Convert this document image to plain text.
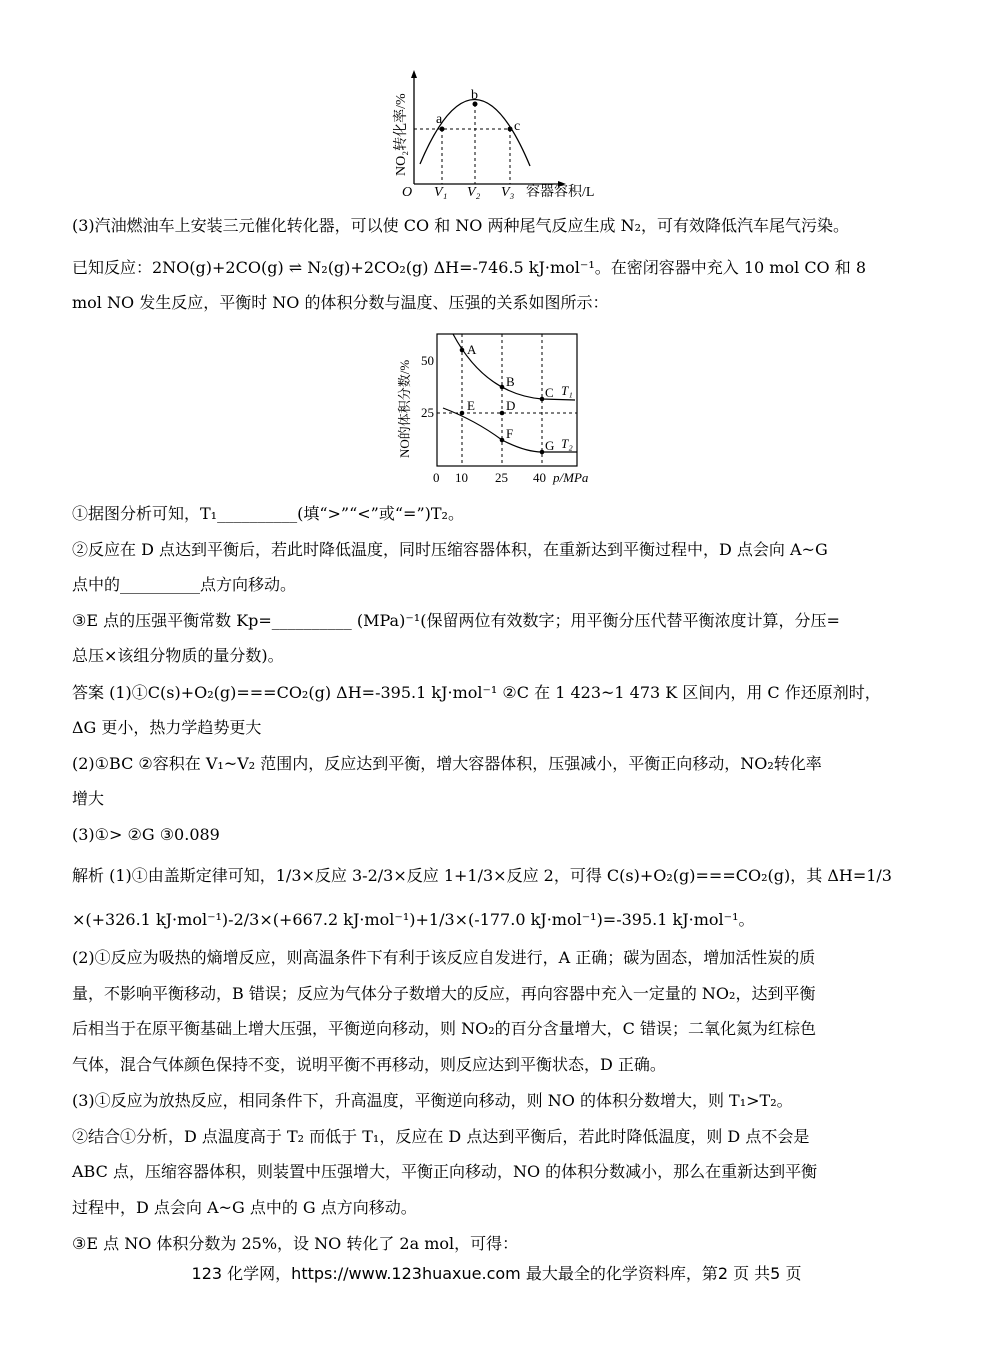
a
b
c
O V₁ V₂ V₃ 容器容积/L
NO₂转化率/%
(3)汽油燃油车上安装三元催化转化器，可以使 CO 和 NO 两种尾气反应生成 N₂，可有效降低汽车尾气污染。
已知反应：2NO(g)+2CO(g) ⇌ N₂(g)+2CO₂(g) ΔH=-746.5 kJ·mol⁻¹。在密闭容器中充入 10 mol CO 和 8
mol NO 发生反应，平衡时 NO 的体积分数与温度、压强的关系如图所示：
A
B
C
D
E
F
G
T₁
T₂
50
25
0 10 25 40 p/MPa
NO的体积分数/%
①据图分析可知，T₁__________(填“>”“<”或“=”)T₂。
②反应在 D 点达到平衡后，若此时降低温度，同时压缩容器体积，在重新达到平衡过程中，D 点会向 A~G
点中的__________点方向移动。
③E 点的压强平衡常数 Kp=__________ (MPa)⁻¹(保留两位有效数字；用平衡分压代替平衡浓度计算，分压=
总压×该组分物质的量分数)。
答案 (1)①C(s)+O₂(g)===CO₂(g) ΔH=-395.1 kJ·mol⁻¹ ②C 在 1 423~1 473 K 区间内，用 C 作还原剂时，
ΔG 更小，热力学趋势更大
(2)①BC ②容积在 V₁~V₂ 范围内，反应达到平衡，增大容器体积，压强减小，平衡正向移动，NO₂转化率
增大
(3)①> ②G ③0.089
解析 (1)①由盖斯定律可知，1/3×反应 3-2/3×反应 1+1/3×反应 2，可得 C(s)+O₂(g)===CO₂(g)，其 ΔH=1/3
×(+326.1 kJ·mol⁻¹)-2/3×(+667.2 kJ·mol⁻¹)+1/3×(-177.0 kJ·mol⁻¹)=-395.1 kJ·mol⁻¹。
(2)①反应为吸热的熵增反应，则高温条件下有利于该反应自发进行，A 正确；碳为固态，增加活性炭的质
量，不影响平衡移动，B 错误；反应为气体分子数增大的反应，再向容器中充入一定量的 NO₂，达到平衡
后相当于在原平衡基础上增大压强，平衡逆向移动，则 NO₂的百分含量增大，C 错误；二氧化氮为红棕色
气体，混合气体颜色保持不变，说明平衡不再移动，则反应达到平衡状态，D 正确。
(3)①反应为放热反应，相同条件下，升高温度，平衡逆向移动，则 NO 的体积分数增大，则 T₁>T₂。
②结合①分析，D 点温度高于 T₂ 而低于 T₁，反应在 D 点达到平衡后，若此时降低温度，则 D 点不会是
ABC 点，压缩容器体积，则装置中压强增大，平衡正向移动，NO 的体积分数减小，那么在重新达到平衡
过程中，D 点会向 A~G 点中的 G 点方向移动。
③E 点 NO 体积分数为 25%，设 NO 转化了 2a mol，可得：
123 化学网，https://www.123huaxue.com 最大最全的化学资料库，第2 页 共5 页
